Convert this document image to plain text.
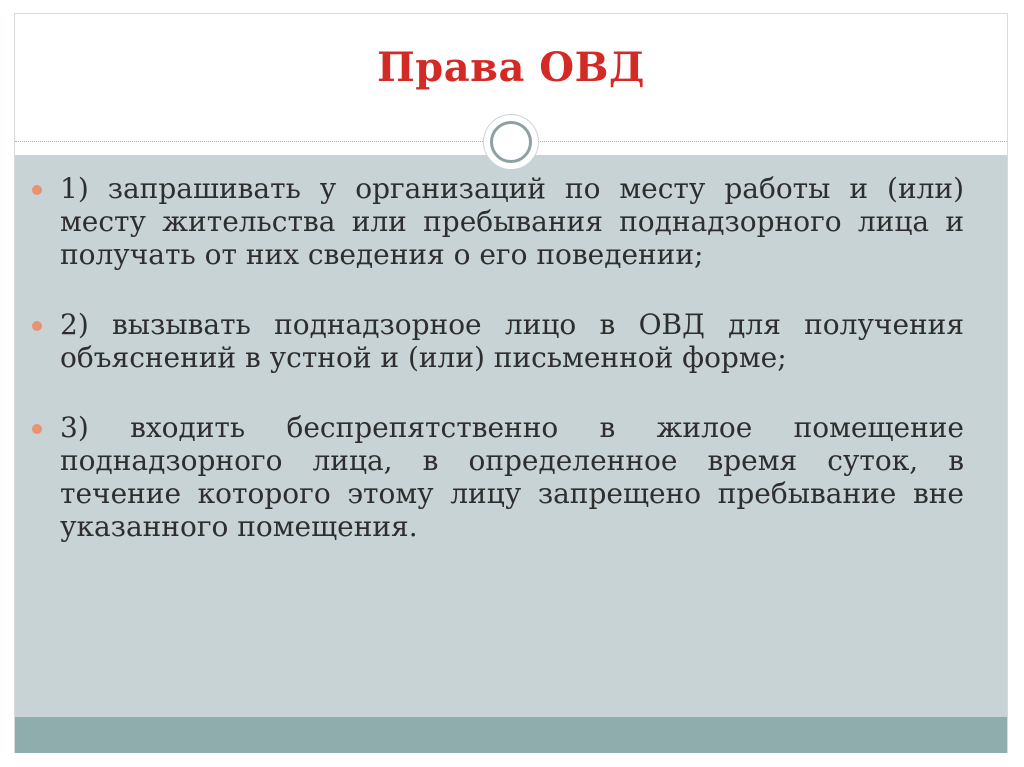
Права ОВД
1) запрашивать у организаций по месту работы и (или) месту жительства или пребывания поднадзорного лица и получать от них сведения о его поведении;
2) вызывать поднадзорное лицо в ОВД для получения объяснений в устной и (или) письменной форме;
3) входить беспрепятственно в жилое помещение поднадзорного лица, в определенное время суток, в течение которого этому лицу запрещено пребывание вне указанного помещения.
